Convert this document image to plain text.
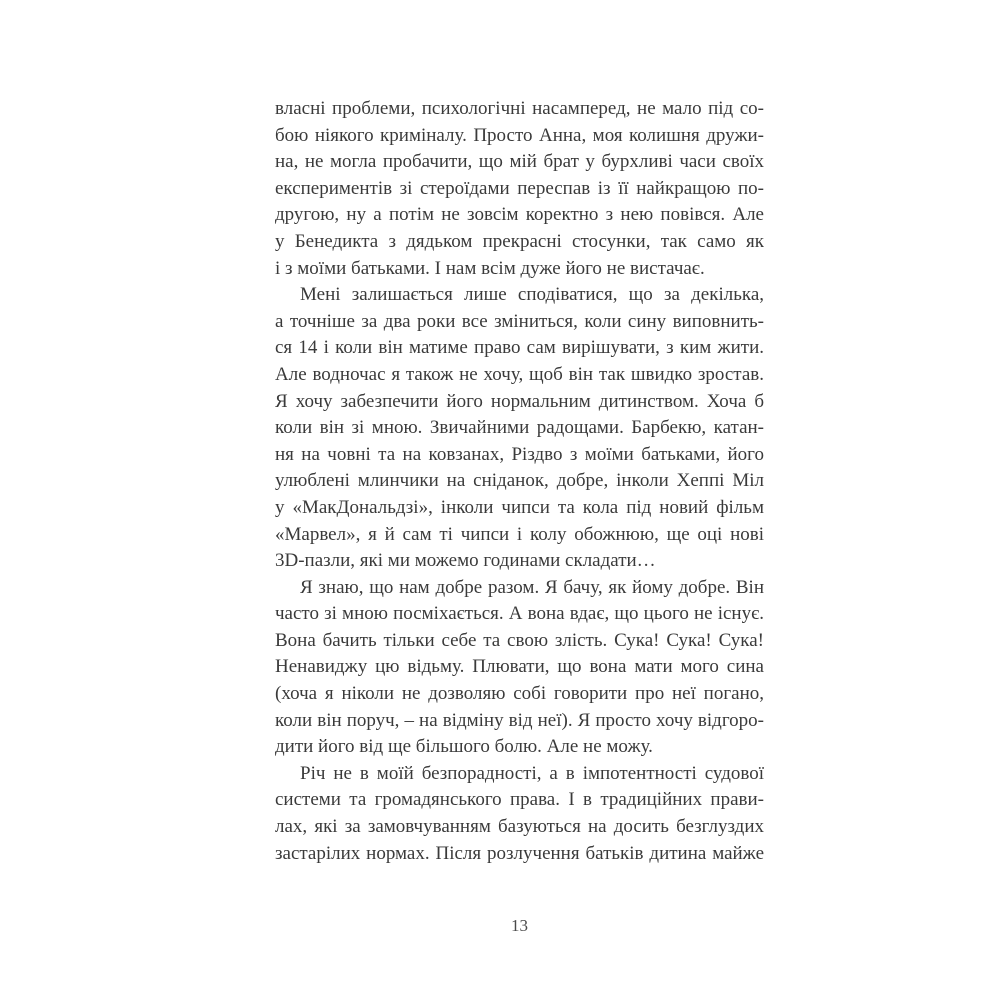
власні проблеми, психологічні насамперед, не мало під со-
бою ніякого криміналу. Просто Анна, моя колишня дружи-
на, не могла пробачити, що мій брат у бурхливі часи своїх
експериментів зі стероїдами переспав із її найкращою по-
другою, ну а потім не зовсім коректно з нею повівся. Але
у Бенедикта з дядьком прекрасні стосунки, так само як
і з моїми батьками. І нам всім дуже його не вистачає.
Мені залишається лише сподіватися, що за декілька,
а точніше за два роки все зміниться, коли сину виповнить-
ся 14 і коли він матиме право сам вирішувати, з ким жити.
Але водночас я також не хочу, щоб він так швидко зростав.
Я хочу забезпечити його нормальним дитинством. Хоча б
коли він зі мною. Звичайними радощами. Барбекю, катан-
ня на човні та на ковзанах, Різдво з моїми батьками, його
улюблені млинчики на сніданок, добре, інколи Хеппі Міл
у «МакДональдзі», інколи чипси та кола під новий фільм
«Марвел», я й сам ті чипси і колу обожнюю, ще оці нові
3D-пазли, які ми можемо годинами складати…
Я знаю, що нам добре разом. Я бачу, як йому добре. Він
часто зі мною посміхається. А вона вдає, що цього не існує.
Вона бачить тільки себе та свою злість. Сука! Сука! Сука!
Ненавиджу цю відьму. Плювати, що вона мати мого сина
(хоча я ніколи не дозволяю собі говорити про неї погано,
коли він поруч, – на відміну від неї). Я просто хочу відгоро-
дити його від ще більшого болю. Але не можу.
Річ не в моїй безпорадності, а в імпотентності судової
системи та громадянського права. І в традиційних прави-
лах, які за замовчуванням базуються на досить безглуздих
застарілих нормах. Після розлучення батьків дитина майже
13
